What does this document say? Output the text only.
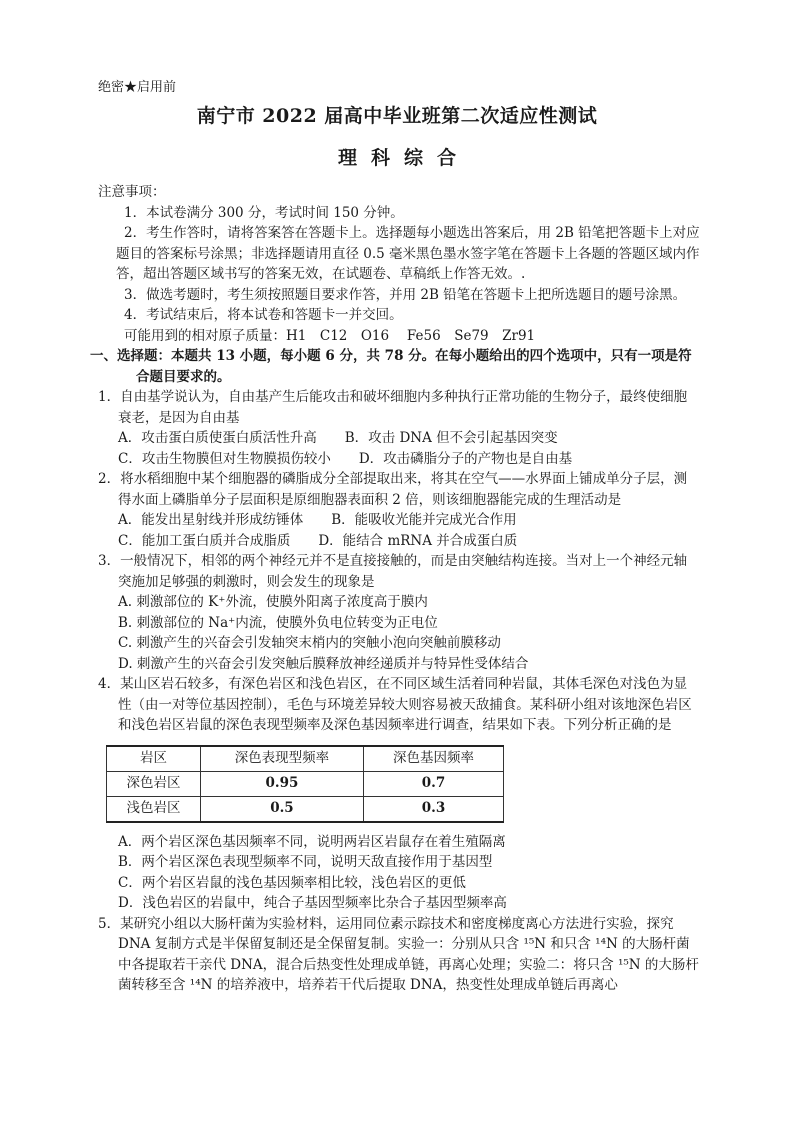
绝密★启用前
南宁市 2022 届高中毕业班第二次适应性测试
理科综合

注意事项：

1．本试卷满分 300 分，考试时间 150 分钟。

2．考生作答时，请将答案答在答题卡上。选择题每小题选出答案后，用 2B 铅笔把答题卡上对应题目的答案标号涂黑；非选择题请用直径 0.5 毫米黑色墨水签字笔在答题卡上各题的答题区域内作答，超出答题区域书写的答案无效，在试题卷、草稿纸上作答无效。.

3．做选考题时，考生须按照题目要求作答，并用 2B 铅笔在答题卡上把所选题目的题号涂黑。

4．考试结束后，将本试卷和答题卡一并交回。

可能用到的相对原子质量：H1　C12　O16　 Fe56　Se79　Zr91

一、选择题：本题共 13 小题，每小题 6 分，共 78 分。在每小题给出的四个选项中，只有一项是符合题目要求的。

1．自由基学说认为，自由基产生后能攻击和破坏细胞内多种执行正常功能的生物分子，最终使细胞衰老，是因为自由基

A．攻击蛋白质使蛋白质活性升高 B．攻击 DNA 但不会引起基因突变

C．攻击生物膜但对生物膜损伤较小 D．攻击磷脂分子的产物也是自由基

2．将水稻细胞中某个细胞器的磷脂成分全部提取出来，将其在空气——水界面上铺成单分子层，测得水面上磷脂单分子层面积是原细胞器表面积 2 倍，则该细胞器能完成的生理活动是

A．能发出星射线并形成纺锤体 B．能吸收光能并完成光合作用

C．能加工蛋白质并合成脂质 D．能结合 mRNA 并合成蛋白质

3．一般情况下，相邻的两个神经元并不是直接接触的，而是由突触结构连接。当对上一个神经元轴突施加足够强的刺激时，则会发生的现象是

A. 刺激部位的 K⁺外流，使膜外阳离子浓度高于膜内

B. 刺激部位的 Na⁺内流，使膜外负电位转变为正电位

C. 刺激产生的兴奋会引发轴突末梢内的突触小泡向突触前膜移动

D. 刺激产生的兴奋会引发突触后膜释放神经递质并与特异性受体结合

4．某山区岩石较多，有深色岩区和浅色岩区，在不同区域生活着同种岩鼠，其体毛深色对浅色为显性（由一对等位基因控制），毛色与环境差异较大则容易被天敌捕食。某科研小组对该地深色岩区和浅色岩区岩鼠的深色表现型频率及深色基因频率进行调查，结果如下表。下列分析正确的是

岩区	深色表现型频率	深色基因频率
深色岩区	0.95	0.7
浅色岩区	0.5	0.3

A．两个岩区深色基因频率不同，说明两岩区岩鼠存在着生殖隔离

B．两个岩区深色表现型频率不同，说明天敌直接作用于基因型

C．两个岩区岩鼠的浅色基因频率相比较，浅色岩区的更低

D．浅色岩区的岩鼠中，纯合子基因型频率比杂合子基因型频率高

5．某研究小组以大肠杆菌为实验材料，运用同位素示踪技术和密度梯度离心方法进行实验，探究 DNA 复制方式是半保留复制还是全保留复制。实验一：分别从只含 ¹⁵N 和只含 ¹⁴N 的大肠杆菌中各提取若干亲代 DNA，混合后热变性处理成单链，再离心处理；实验二：将只含 ¹⁵N 的大肠杆菌转移至含 ¹⁴N 的培养液中，培养若干代后提取 DNA，热变性处理成单链后再离心
